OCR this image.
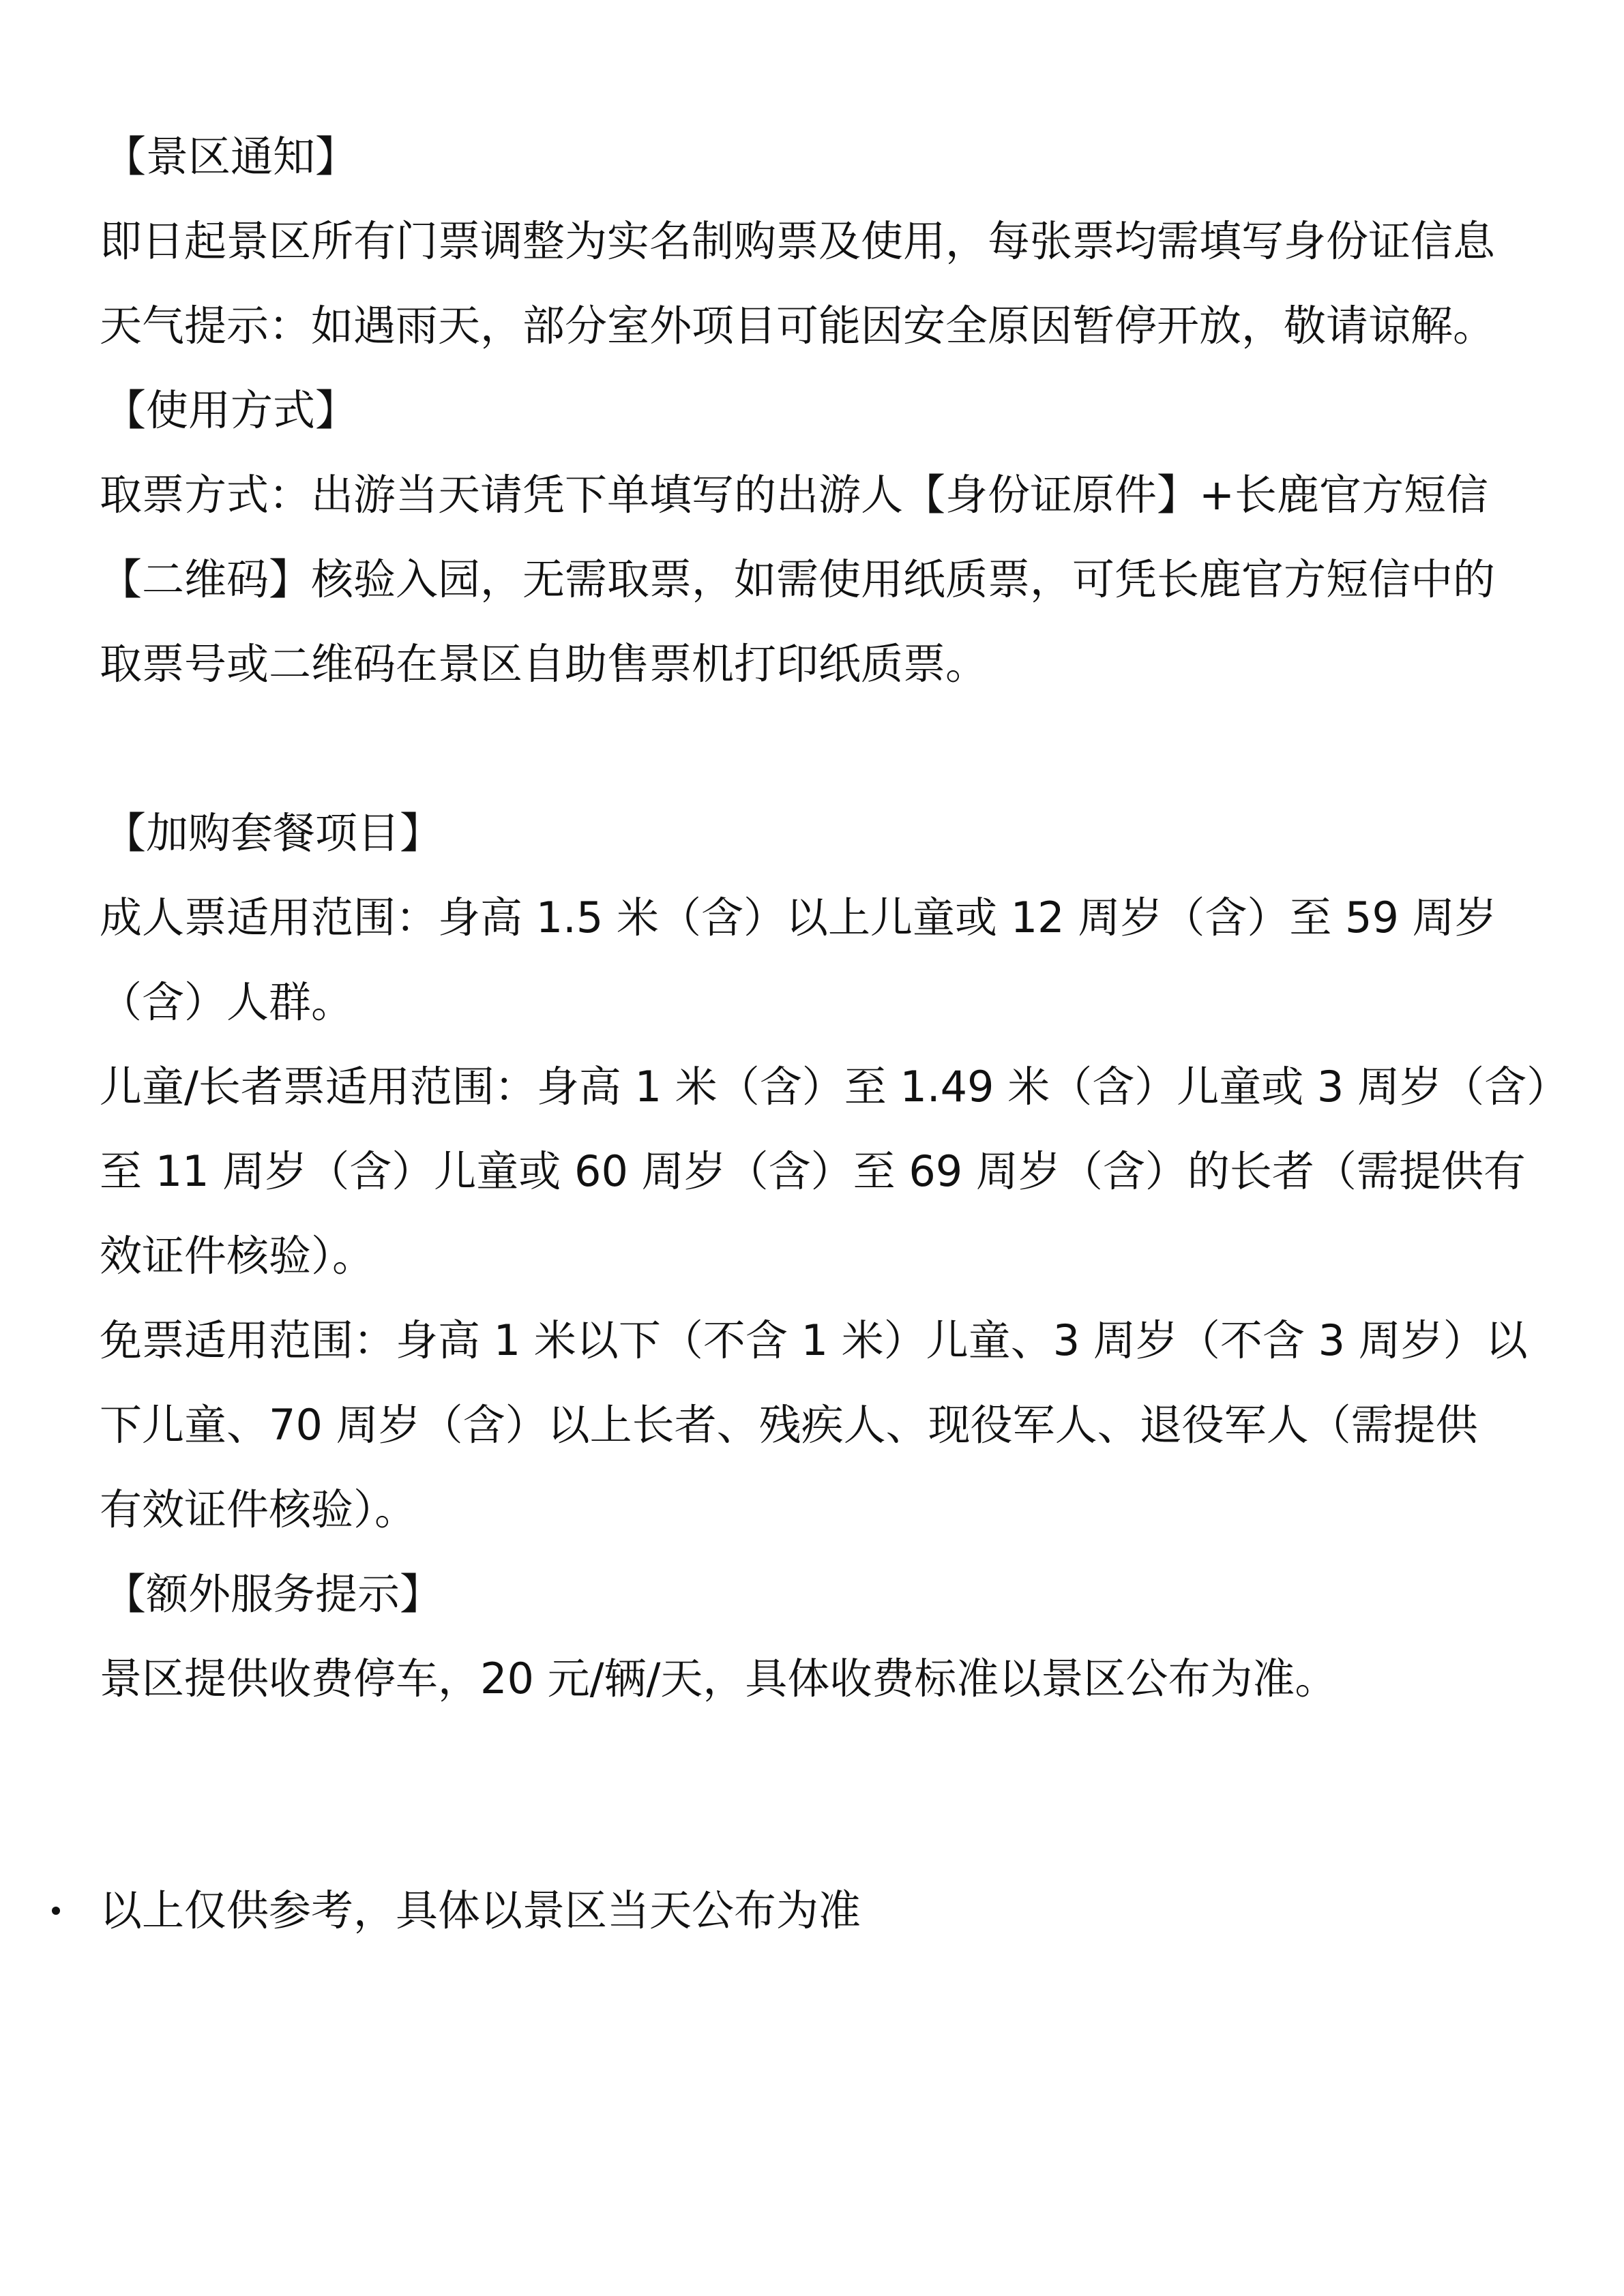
【景区通知】
即日起景区所有门票调整为实名制购票及使用，每张票均需填写身份证信息
天气提示：如遇雨天，部分室外项目可能因安全原因暂停开放，敬请谅解。
【使用方式】
取票方式：出游当天请凭下单填写的出游人【身份证原件】+长鹿官方短信
【二维码】核验入园，无需取票，如需使用纸质票，可凭长鹿官方短信中的
取票号或二维码在景区自助售票机打印纸质票。
【加购套餐项目】
成人票适用范围：身高 1.5 米（含）以上儿童或 12 周岁（含）至 59 周岁
（含）人群。
儿童/长者票适用范围：身高 1 米（含）至 1.49 米（含）儿童或 3 周岁（含）
至 11 周岁（含）儿童或 60 周岁（含）至 69 周岁（含）的长者（需提供有
效证件核验）。
免票适用范围：身高 1 米以下（不含 1 米）儿童、3 周岁（不含 3 周岁）以
下儿童、70 周岁（含）以上长者、残疾人、现役军人、退役军人（需提供
有效证件核验）。
【额外服务提示】
景区提供收费停车，20 元/辆/天，具体收费标准以景区公布为准。
以上仅供参考，具体以景区当天公布为准
